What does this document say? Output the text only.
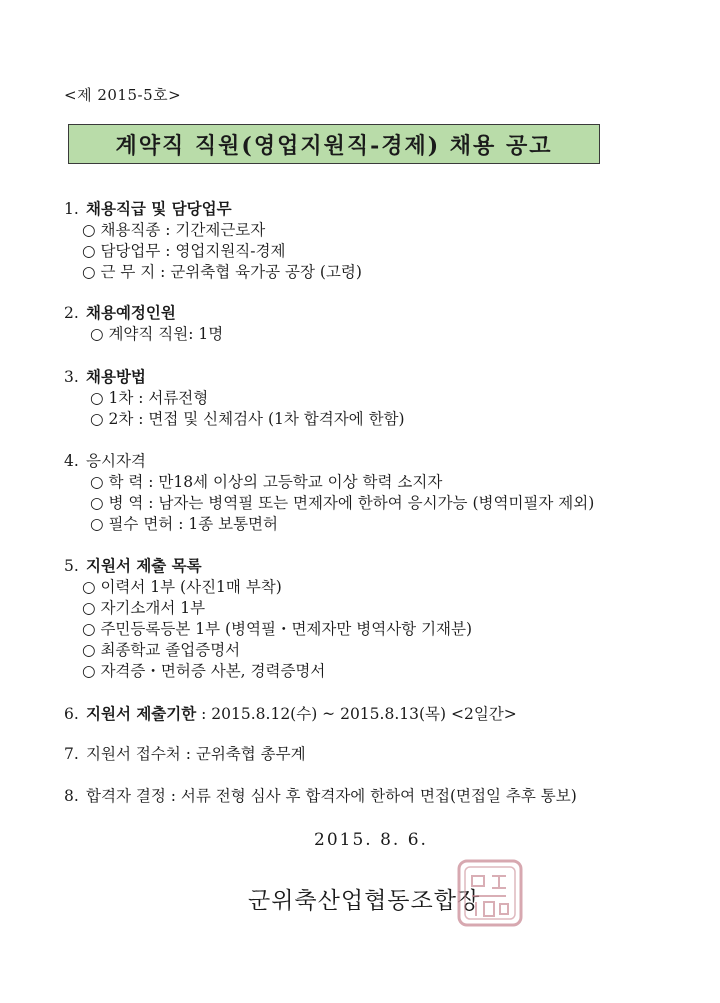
<제 2015-5호>
계약직 직원(영업지원직-경제) 채용 공고
1. 채용직급 및 담당업무
○ 채용직종 : 기간제근로자
○ 담당업무 : 영업지원직-경제
○ 근 무 지 : 군위축협 육가공 공장 (고령)
2. 채용예정인원
○ 계약직 직원: 1명
3. 채용방법
○ 1차 : 서류전형
○ 2차 : 면접 및 신체검사 (1차 합격자에 한함)
4. 응시자격
○ 학 력 : 만18세 이상의 고등학교 이상 학력 소지자
○ 병 역 : 남자는 병역필 또는 면제자에 한하여 응시가능 (병역미필자 제외)
○ 필수 면허 : 1종 보통면허
5. 지원서 제출 목록
○ 이력서 1부 (사진1매 부착)
○ 자기소개서 1부
○ 주민등록등본 1부 (병역필・면제자만 병역사항 기재분)
○ 최종학교 졸업증명서
○ 자격증・면허증 사본, 경력증명서
6. 지원서 제출기한 : 2015.8.12(수) ~ 2015.8.13(목) <2일간>
7. 지원서 접수처 : 군위축협 총무계
8. 합격자 결정 : 서류 전형 심사 후 합격자에 한하여 면접(면접일 추후 통보)
2015. 8. 6.
군위축산업협동조합장
